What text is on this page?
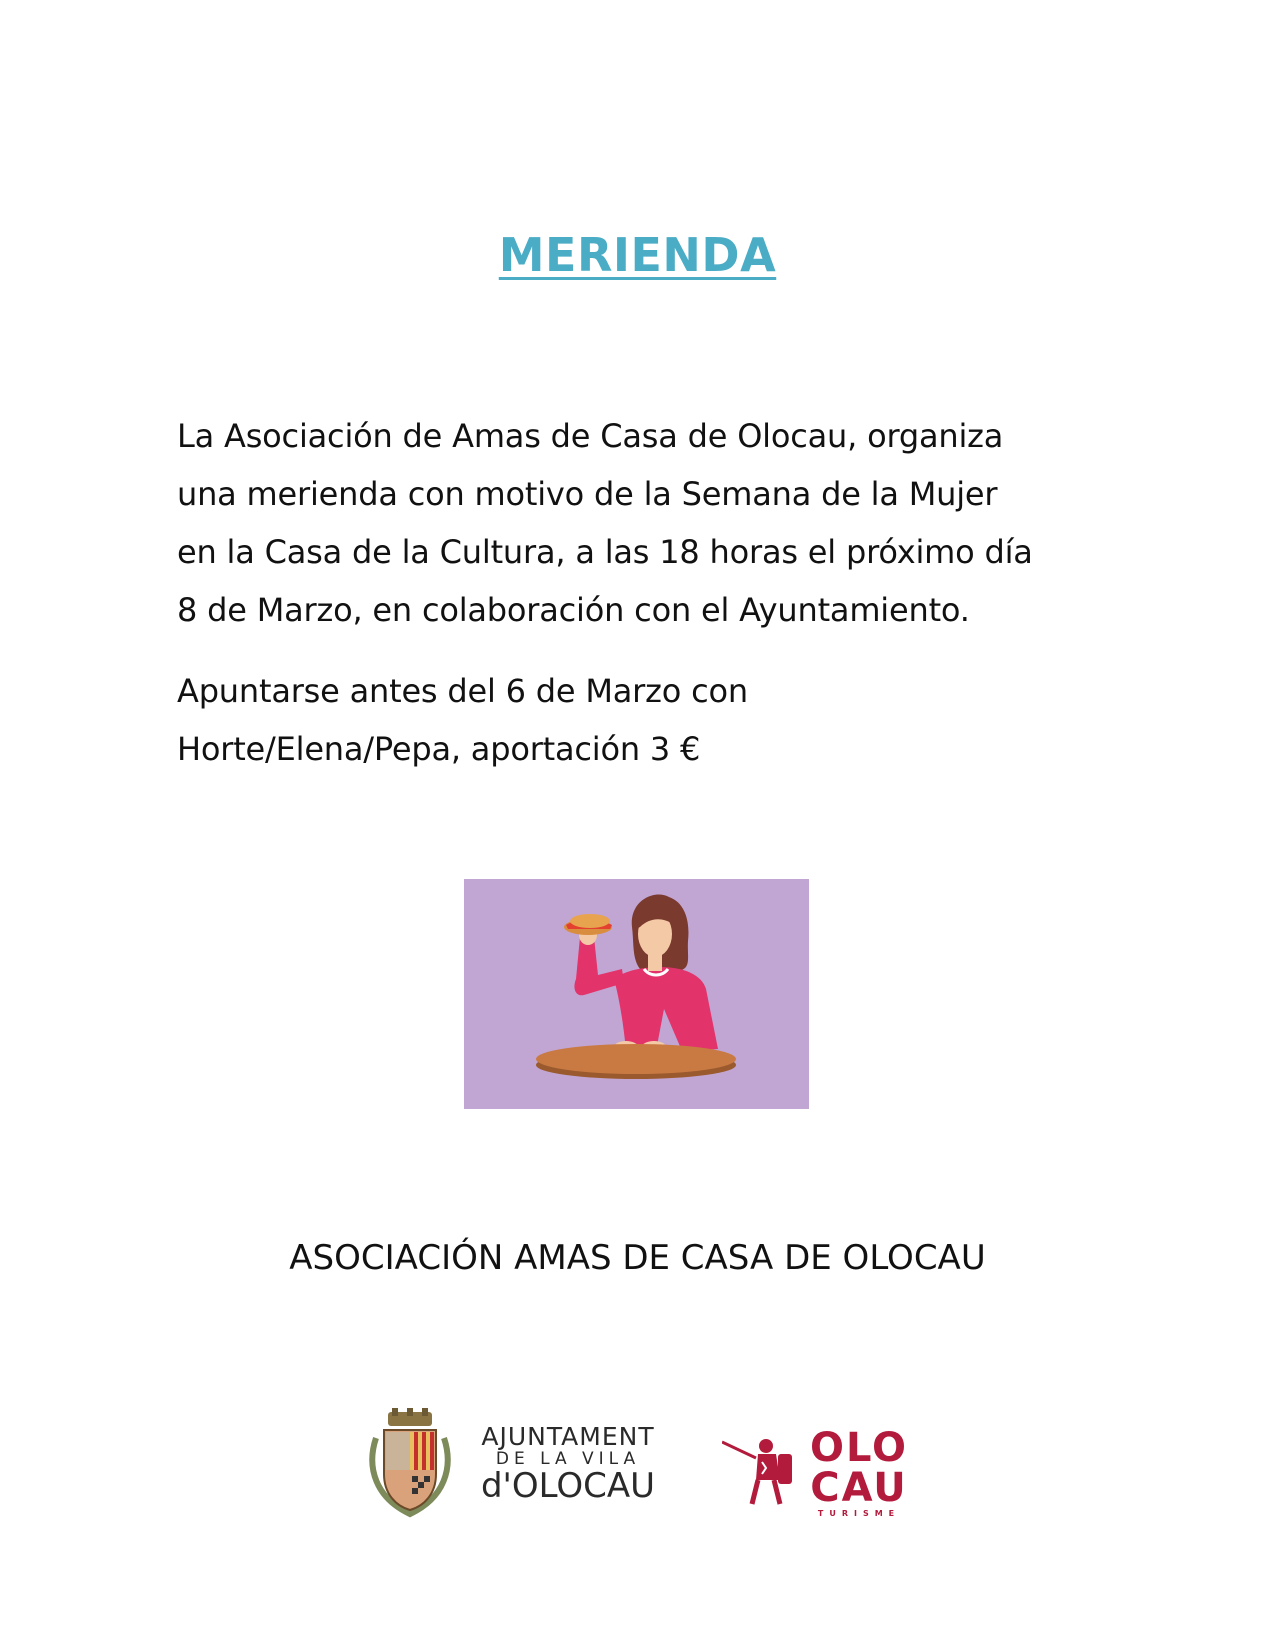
MERIENDA

La Asociación de Amas de Casa de Olocau, organiza
una merienda con motivo de la Semana de la Mujer
en la Casa de la Cultura, a las 18 horas el próximo día
8 de Marzo, en colaboración con el Ayuntamiento.

Apuntarse antes del 6 de Marzo con
Horte/Elena/Pepa, aportación 3 €

ASOCIACIÓN AMAS DE CASA DE OLOCAU
AJUNTAMENT
DE LA VILA
d'OLOCAU
OLO
CAU
TURISME
